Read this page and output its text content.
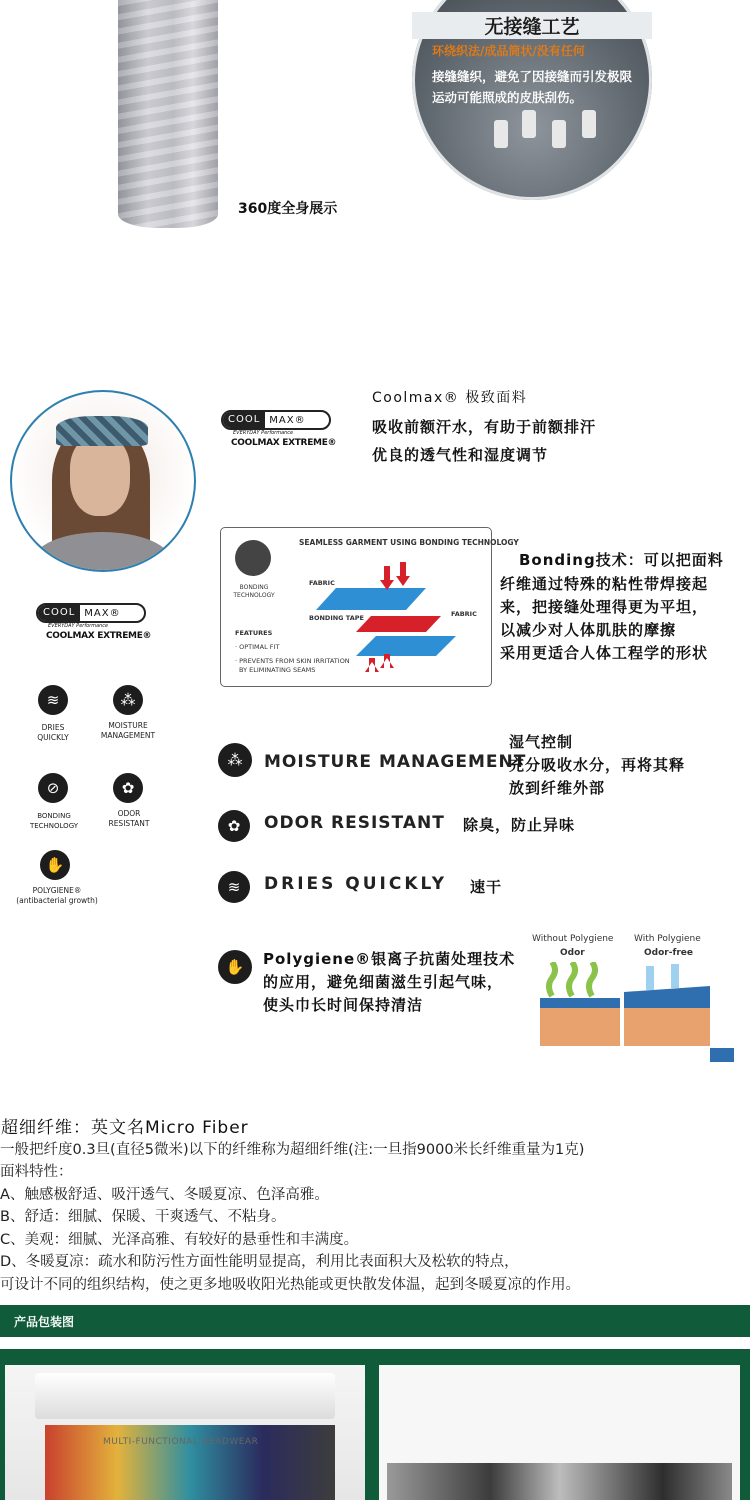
360度全身展示
无接缝工艺
环绕织法/成品筒状/没有任何
接缝缝织，避免了因接缝而引发极限运动可能照成的皮肤刮伤。
COOL MAX®
EVERYDAY Performance
COOLMAX EXTREME®
Coolmax® 极致面料
吸收前额汗水，有助于前额排汗
优良的透气性和湿度调节
COOL MAX®
EVERYDAY Performance
COOLMAX EXTREME®
SEAMLESS GARMENT USING BONDING TECHNOLOGY
BONDING TECHNOLOGY
FABRIC
FABRIC
BONDING TAPE
FEATURES
· OPTIMAL FIT
· PREVENTS FROM SKIN IRRITATION
BY ELIMINATING SEAMS
Bonding技术：可以把面料
纤维通过特殊的粘性带焊接起
来，把接缝处理得更为平坦，
以减少对人体肌肤的摩擦
采用更适合人体工程学的形状
≋
DRIES QUICKLY
⁂
MOISTURE MANAGEMENT
⊘
BONDING TECHNOLOGY
✿
ODOR RESISTANT
✋
POLYGIENE®
(antibacterial growth)
⁂	MOISTURE MANAGEMENT
湿气控制
充分吸收水分，再将其释
放到纤维外部
✿	ODOR RESISTANT 除臭，防止异味
≋	DRIES QUICKLY 速干
✋	Polygiene®银离子抗菌处理技术
的应用，避免细菌滋生引起气味，
使头巾长时间保持清洁
Without Polygiene
Odor
With Polygiene
Odor-free
超细纤维：英文名Micro Fiber
一般把纤度0.3旦(直径5微米)以下的纤维称为超细纤维(注:一旦指9000米长纤维重量为1克)
面料特性：
A、触感极舒适、吸汗透气、冬暖夏凉、色泽高雅。
B、舒适：细腻、保暖、干爽透气、不粘身。
C、美观：细腻、光泽高雅、有较好的悬垂性和丰满度。
D、冬暖夏凉：疏水和防污性方面性能明显提高，利用比表面积大及松软的特点，
可设计不同的组织结构，使之更多地吸收阳光热能或更快散发体温，起到冬暖夏凉的作用。
产品包装图
MULTI-FUNCTIONAL HEADWEAR
